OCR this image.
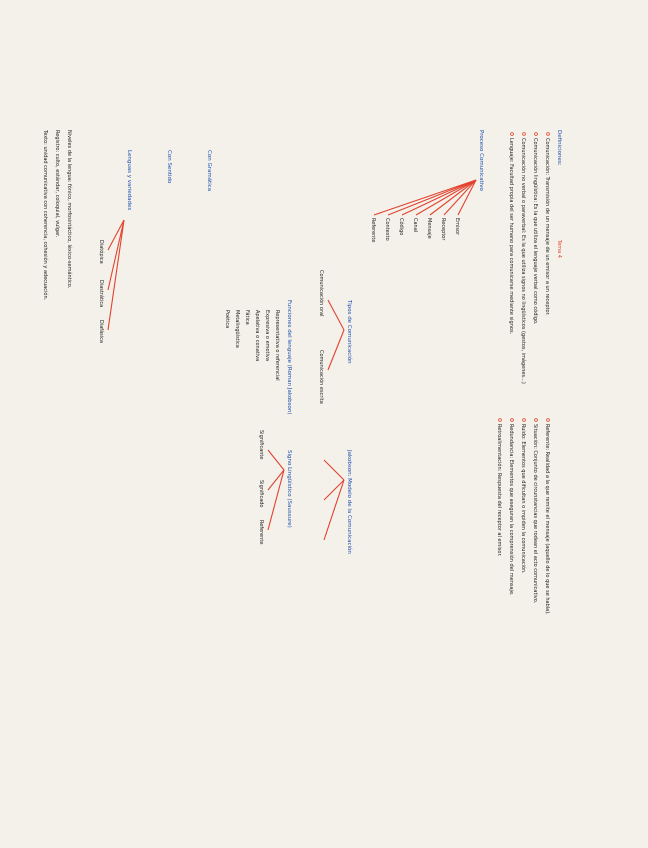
Definiciones:
Tema 4
Comunicación: Transmisión de un mensaje de un emisor a un receptor.
Comunicación lingüística: Es la que utiliza el lenguaje verbal como código.
Comunicación no verbal o paraverbal: Es la que utiliza signos no lingüísticos (gestos, imágenes...)
Lenguaje: Facultad propia del ser humano para comunicarse mediante signos.
Proceso Comunicativo
Emisor
Receptor
Mensaje
Canal
Código
Contexto
Referente
Referente: Realidad a la que remite el mensaje (aquello de lo que se habla).
Situación: Conjunto de circunstancias que rodean el acto comunicativo.
Ruido: Elementos que dificultan o impiden la comunicación.
Redundancia: Elementos que aseguran la comprensión del mensaje.
Retroalimentación: Respuesta del receptor al emisor.
Tipos de Comunicación
Comunicación oral
Comunicación escrita
Funciones del lenguaje (Roman Jakobson)
Representativa o referencial
Expresiva o emotiva
Apelativa o conativa
Fática
Metalingüística
Poética
Jakobson: Modelo de la Comunicación
Signo Lingüístico (Saussure)
Significante
Significado
Referente
Con Gramática
Con Sentido
Lenguas y variedades
Diatópica
Diastrática
Diafásica
Niveles de la lengua: fónico, morfosintáctico, léxico-semántico.
Registro: culto, estándar, coloquial, vulgar.
Texto: unidad comunicativa con coherencia, cohesión y adecuación.
